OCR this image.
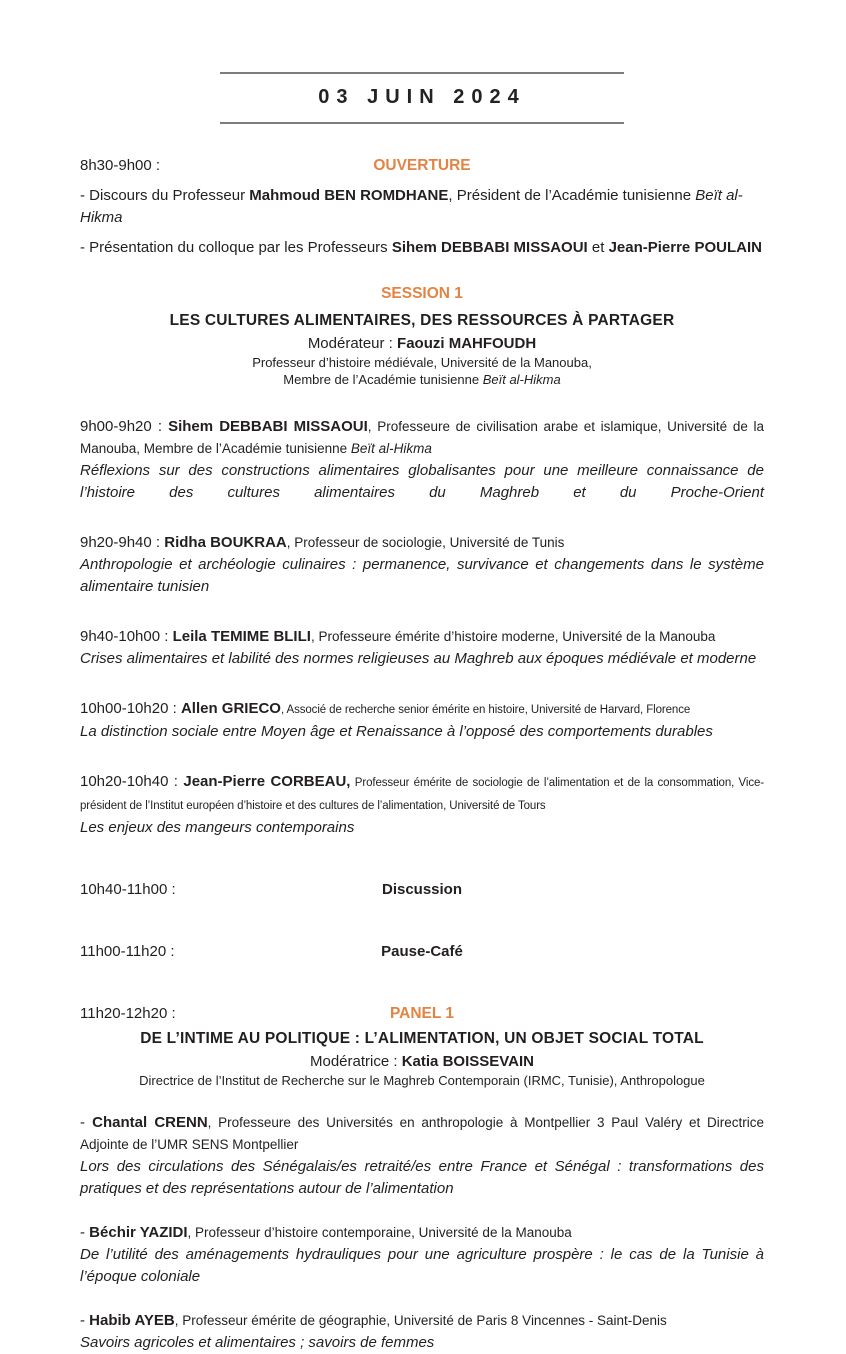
03 JUIN 2024
8h30-9h00 :	OUVERTURE

- Discours du Professeur Mahmoud BEN ROMDHANE, Président de l’Académie tunisienne Beït al-Hikma

- Présentation du colloque par les Professeurs Sihem DEBBABI MISSAOUI et Jean-Pierre POULAIN

SESSION 1
LES CULTURES ALIMENTAIRES, DES RESSOURCES À PARTAGER
Modérateur : Faouzi MAHFOUDH
Professeur d’histoire médiévale, Université de la Manouba,
Membre de l’Académie tunisienne Beït al-Hikma

9h00-9h20 : Sihem DEBBABI MISSAOUI, Professeure de civilisation arabe et islamique, Université de la Manouba, Membre de l’Académie tunisienne Beït al-Hikma

Réflexions sur des constructions alimentaires globalisantes pour une meilleure connaissance de l’histoire des cultures alimentaires du Maghreb et du Proche-Orient

9h20-9h40 : Ridha BOUKRAA, Professeur de sociologie, Université de Tunis

Anthropologie et archéologie culinaires : permanence, survivance et changements dans le système alimentaire tunisien

9h40-10h00 : Leila TEMIME BLILI, Professeure émérite d’histoire moderne, Université de la Manouba

Crises alimentaires et labilité des normes religieuses au Maghreb aux époques médiévale et moderne

10h00-10h20 : Allen GRIECO, Associé de recherche senior émérite en histoire, Université de Harvard, Florence

La distinction sociale entre Moyen âge et Renaissance à l’opposé des comportements durables

10h20-10h40 : Jean-Pierre CORBEAU, Professeur émérite de sociologie de l’alimentation et de la consommation, Vice-président de l’Institut européen d’histoire et des cultures de l’alimentation, Université de Tours

Les enjeux des mangeurs contemporains

10h40-11h00 :	Discussion
11h00-11h20 :	Pause-Café
11h20-12h20 :	PANEL 1
DE L’INTIME AU POLITIQUE : L’ALIMENTATION, UN OBJET SOCIAL TOTAL
Modératrice : Katia BOISSEVAIN
Directrice de l’Institut de Recherche sur le Maghreb Contemporain (IRMC, Tunisie), Anthropologue

- Chantal CRENN, Professeure des Universités en anthropologie à Montpellier 3 Paul Valéry et Directrice Adjointe de l’UMR SENS Montpellier

Lors des circulations des Sénégalais/es retraité/es entre France et Sénégal : transformations des pratiques et des représentations autour de l’alimentation

- Béchir YAZIDI, Professeur d’histoire contemporaine, Université de la Manouba

De l’utilité des aménagements hydrauliques pour une agriculture prospère : le cas de la Tunisie à l’époque coloniale

- Habib AYEB, Professeur émérite de géographie, Université de Paris 8 Vincennes - Saint-Denis

Savoirs agricoles et alimentaires ; savoirs de femmes
